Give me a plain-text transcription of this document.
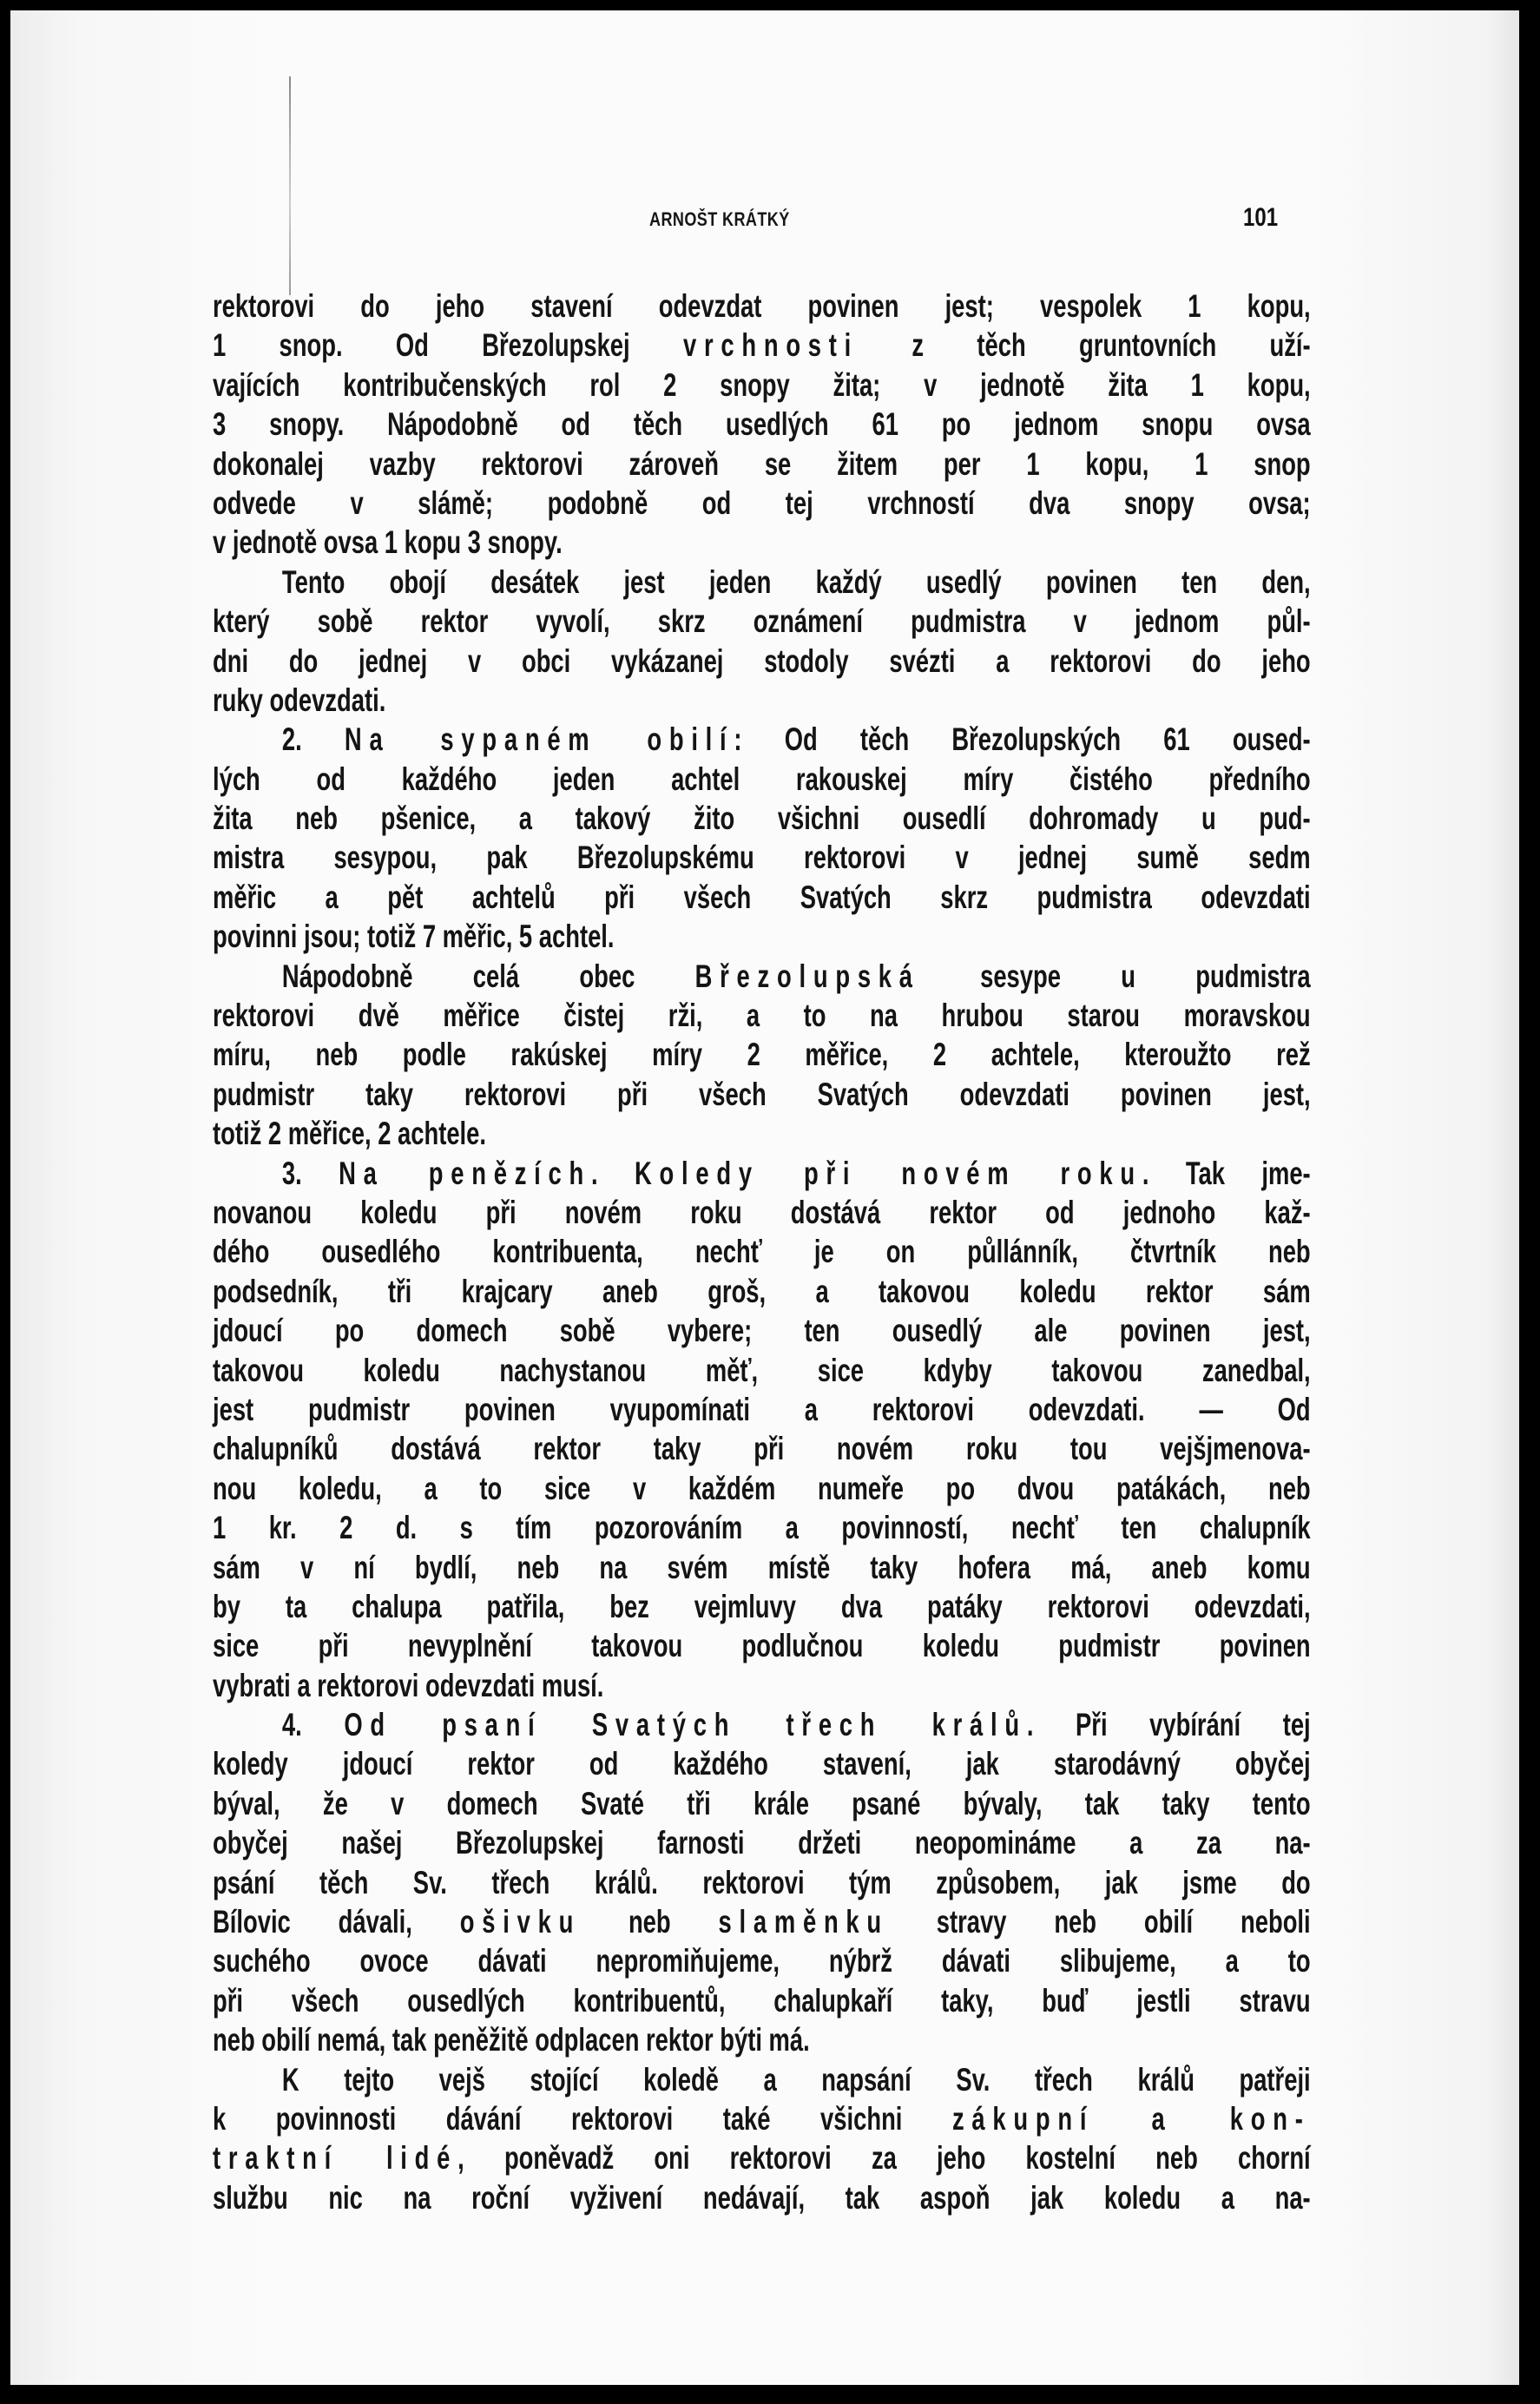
ARNOŠT KRÁTKÝ	101
rektorovi do jeho stavení odevzdat povinen jest; vespolek 1 kopu,
1 snop. Od Březolupskej vrchnosti z těch gruntovních uží-
vajících kontribučenských rol 2 snopy žita; v jednotě žita 1 kopu,
3 snopy. Nápodobně od těch usedlých 61 po jednom snopu ovsa
dokonalej vazby rektorovi zároveň se žitem per 1 kopu, 1 snop
odvede v slámě; podobně od tej vrchností dva snopy ovsa;
v jednotě ovsa 1 kopu 3 snopy.
Tento obojí desátek jest jeden každý usedlý povinen ten den,
který sobě rektor vyvolí, skrz oznámení pudmistra v jednom půl-
dni do jednej v obci vykázanej stodoly svézti a rektorovi do jeho
ruky odevzdati.
2. Na sypaném obilí: Od těch Březolupských 61 oused-
lých od každého jeden achtel rakouskej míry čistého předního
žita neb pšenice, a takový žito všichni ousedlí dohromady u pud-
mistra sesypou, pak Březolupskému rektorovi v jednej sumě sedm
měřic a pět achtelů při všech Svatých skrz pudmistra odevzdati
povinni jsou; totiž 7 měřic, 5 achtel.
Nápodobně celá obec Březolupská sesype u pudmistra
rektorovi dvě měřice čistej rži, a to na hrubou starou moravskou
míru, neb podle rakúskej míry 2 měřice, 2 achtele, kteroužto rež
pudmistr taky rektorovi při všech Svatých odevzdati povinen jest,
totiž 2 měřice, 2 achtele.
3. Na penězích. Koledy při novém roku. Tak jme-
novanou koledu při novém roku dostává rektor od jednoho kaž-
dého ousedlého kontribuenta, nechť je on půllánník, čtvrtník neb
podsedník, tři krajcary aneb groš, a takovou koledu rektor sám
jdoucí po domech sobě vybere; ten ousedlý ale povinen jest,
takovou koledu nachystanou měť, sice kdyby takovou zanedbal,
jest pudmistr povinen vyupomínati a rektorovi odevzdati. — Od
chalupníků dostává rektor taky při novém roku tou vejšjmenova-
nou koledu, a to sice v každém numeře po dvou patákách, neb
1 kr. 2 d. s tím pozorováním a povinností, nechť ten chalupník
sám v ní bydlí, neb na svém místě taky hofera má, aneb komu
by ta chalupa patřila, bez vejmluvy dva patáky rektorovi odevzdati,
sice při nevyplnění takovou podlučnou koledu pudmistr povinen
vybrati a rektorovi odevzdati musí.
4. Od psaní Svatých třech králů. Při vybírání tej
koledy jdoucí rektor od každého stavení, jak starodávný obyčej
býval, že v domech Svaté tři krále psané bývaly, tak taky tento
obyčej našej Březolupskej farnosti držeti neopomináme a za na-
psání těch Sv. třech králů. rektorovi tým způsobem, jak jsme do
Bílovic dávali, ošivku neb slaměnku stravy neb obilí neboli
suchého ovoce dávati nepromiňujeme, nýbrž dávati slibujeme, a to
při všech ousedlých kontribuentů, chalupkaří taky, buď jestli stravu
neb obilí nemá, tak peněžitě odplacen rektor býti má.
K tejto vejš stojící koledě a napsání Sv. třech králů patřeji
k povinnosti dávání rektorovi také všichni zákupní a kon-
traktní lidé, poněvadž oni rektorovi za jeho kostelní neb chorní
službu nic na roční vyživení nedávají, tak aspoň jak koledu a na-
